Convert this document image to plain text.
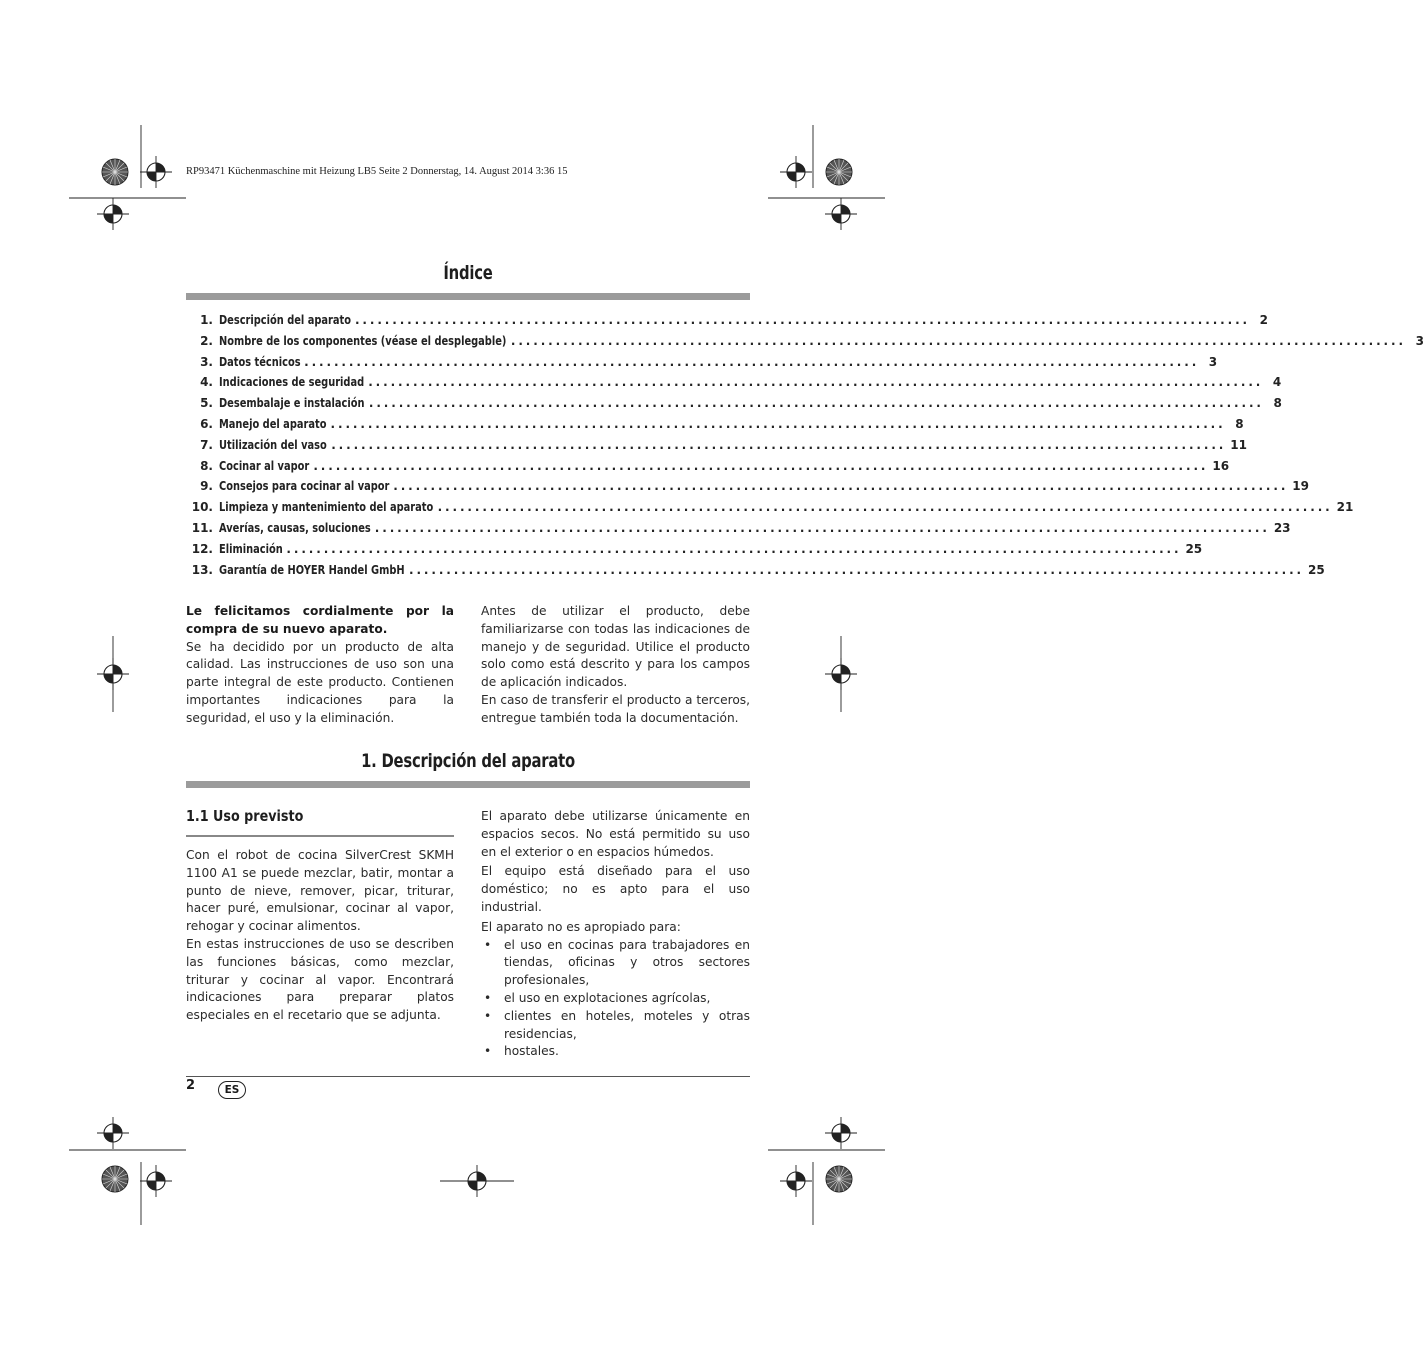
RP93471 Küchenmaschine mit Heizung LB5 Seite 2 Donnerstag, 14. August 2014 3:36 15
Índice
1. Descripción del aparato ........................................................................................................................ 2
2. Nombre de los componentes (véase el desplegable) ........................................................................................................................ 3
3. Datos técnicos ........................................................................................................................ 3
4. Indicaciones de seguridad ........................................................................................................................ 4
5. Desembalaje e instalación ........................................................................................................................ 8
6. Manejo del aparato ........................................................................................................................ 8
7. Utilización del vaso ........................................................................................................................ 11
8. Cocinar al vapor ........................................................................................................................ 16
9. Consejos para cocinar al vapor ........................................................................................................................ 19
10. Limpieza y mantenimiento del aparato ........................................................................................................................ 21
11. Averías, causas, soluciones ........................................................................................................................ 23
12. Eliminación ........................................................................................................................ 25
13. Garantía de HOYER Handel GmbH ........................................................................................................................ 25

Le felicitamos cordialmente por la compra de su nuevo aparato.

Se ha decidido por un producto de alta calidad. Las instrucciones de uso son una parte integral de este producto. Contienen importantes indicaciones para la seguridad, el uso y la eliminación.

Antes de utilizar el producto, debe familiarizarse con todas las indicaciones de manejo y de seguridad. Utilice el producto solo como está descrito y para los campos de aplicación indicados.

En caso de transferir el producto a terceros, entregue también toda la documentación.

1. Descripción del aparato
1.1 Uso previsto

Con el robot de cocina SilverCrest SKMH 1100 A1 se puede mezclar, batir, montar a punto de nieve, remover, picar, triturar, hacer puré, emulsionar, cocinar al vapor, rehogar y cocinar alimentos.

En estas instrucciones de uso se describen las funciones básicas, como mezclar, triturar y cocinar al vapor. Encontrará indicaciones para preparar platos especiales en el recetario que se adjunta.

El aparato debe utilizarse únicamente en espacios secos. No está permitido su uso en el exterior o en espacios húmedos.

El equipo está diseñado para el uso doméstico; no es apto para el uso industrial.

El aparato no es apropiado para:

• el uso en cocinas para trabajadores en tiendas, oficinas y otros sectores profesionales,
• el uso en explotaciones agrícolas,
• clientes en hoteles, moteles y otras residencias,
• hostales.
2	ES
